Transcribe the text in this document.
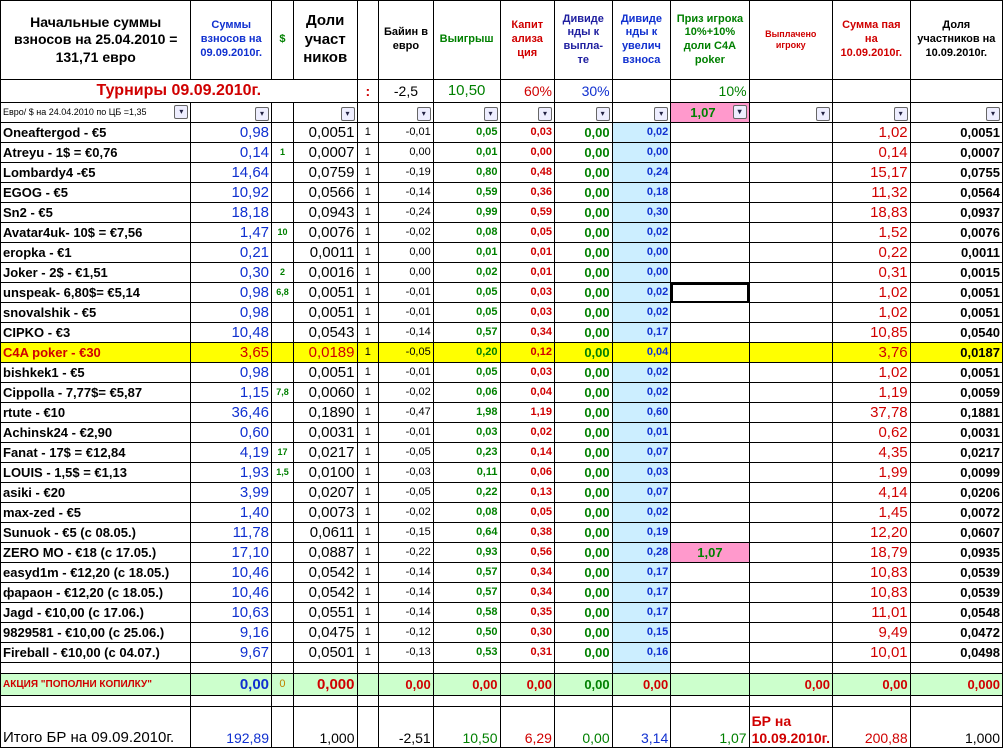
Начальные суммы взносов на 25.04.2010 = 131,71 евро	Суммы взносов на 09.09.2010г.	$	Доли участ ников		Байин в евро	Выигрыш	Капит ализа ция	Дивиде нды к выпла- те	Дивиде нды к увелич взноса	Приз игрока 10%+10% доли C4A poker	Выплачено игроку	Сумма пая на 10.09.2010г.	Доля участников на 10.09.2010г.
Турниры 09.09.2010г.				:	-2,5	10,50	60%	30%		10%			
Евро/ $ на 24.04.2010 по ЦБ =1,35 ▾	▾		▾		▾	▾	▾	▾	▾	1,07 ▾	▾	▾	▾

Oneaftergod - €5	0,98		0,0051	1	-0,01	0,05	0,03	0,00	0,02			1,02	0,0051
Atreyu - 1$ = €0,76	0,14	1	0,0007	1	0,00	0,01	0,00	0,00	0,00			0,14	0,0007
Lombardy4 -€5	14,64		0,0759	1	-0,19	0,80	0,48	0,00	0,24			15,17	0,0755
EGOG - €5	10,92		0,0566	1	-0,14	0,59	0,36	0,00	0,18			11,32	0,0564
Sn2 - €5	18,18		0,0943	1	-0,24	0,99	0,59	0,00	0,30			18,83	0,0937
Avatar4uk- 10$ = €7,56	1,47	10	0,0076	1	-0,02	0,08	0,05	0,00	0,02			1,52	0,0076
eropka - €1	0,21		0,0011	1	0,00	0,01	0,01	0,00	0,00			0,22	0,0011
Joker - 2$ - €1,51	0,30	2	0,0016	1	0,00	0,02	0,01	0,00	0,00			0,31	0,0015
unspeak- 6,80$= €5,14	0,98	6,8	0,0051	1	-0,01	0,05	0,03	0,00	0,02			1,02	0,0051
snovalshik - €5	0,98		0,0051	1	-0,01	0,05	0,03	0,00	0,02			1,02	0,0051
CIPKO - €3	10,48		0,0543	1	-0,14	0,57	0,34	0,00	0,17			10,85	0,0540
C4A poker - €30	3,65		0,0189	1	-0,05	0,20	0,12	0,00	0,04			3,76	0,0187
bishkek1 - €5	0,98		0,0051	1	-0,01	0,05	0,03	0,00	0,02			1,02	0,0051
Cippolla - 7,77$= €5,87	1,15	7,8	0,0060	1	-0,02	0,06	0,04	0,00	0,02			1,19	0,0059
rtute - €10	36,46		0,1890	1	-0,47	1,98	1,19	0,00	0,60			37,78	0,1881
Achinsk24 - €2,90	0,60		0,0031	1	-0,01	0,03	0,02	0,00	0,01			0,62	0,0031
Fanat - 17$ = €12,84	4,19	17	0,0217	1	-0,05	0,23	0,14	0,00	0,07			4,35	0,0217
LOUIS - 1,5$ = €1,13	1,93	1,5	0,0100	1	-0,03	0,11	0,06	0,00	0,03			1,99	0,0099
asiki - €20	3,99		0,0207	1	-0,05	0,22	0,13	0,00	0,07			4,14	0,0206
max-zed - €5	1,40		0,0073	1	-0,02	0,08	0,05	0,00	0,02			1,45	0,0072
Sunuok - €5 (с 08.05.)	11,78		0,0611	1	-0,15	0,64	0,38	0,00	0,19			12,20	0,0607
ZERO MO - €18 (с 17.05.)	17,10		0,0887	1	-0,22	0,93	0,56	0,00	0,28	1,07		18,79	0,0935
easyd1m - €12,20 (с 18.05.)	10,46		0,0542	1	-0,14	0,57	0,34	0,00	0,17			10,83	0,0539
фараон - €12,20 (с 18.05.)	10,46		0,0542	1	-0,14	0,57	0,34	0,00	0,17			10,83	0,0539
Jagd - €10,00 (с 17.06.)	10,63		0,0551	1	-0,14	0,58	0,35	0,00	0,17			11,01	0,0548
9829581 - €10,00 (с 25.06.)	9,16		0,0475	1	-0,12	0,50	0,30	0,00	0,15			9,49	0,0472
Fireball - €10,00 (с 04.07.)	9,67		0,0501	1	-0,13	0,53	0,31	0,00	0,16			10,01	0,0498

АКЦИЯ "ПОПОЛНИ КОПИЛКУ"	0,00	0	0,000		0,00	0,00	0,00	0,00	0,00		0,00	0,00	0,000

Итого БР на 09.09.2010г.	192,89		1,000		-2,51	10,50	6,29	0,00	3,14	1,07	БР на 10.09.2010г.	200,88	1,000
